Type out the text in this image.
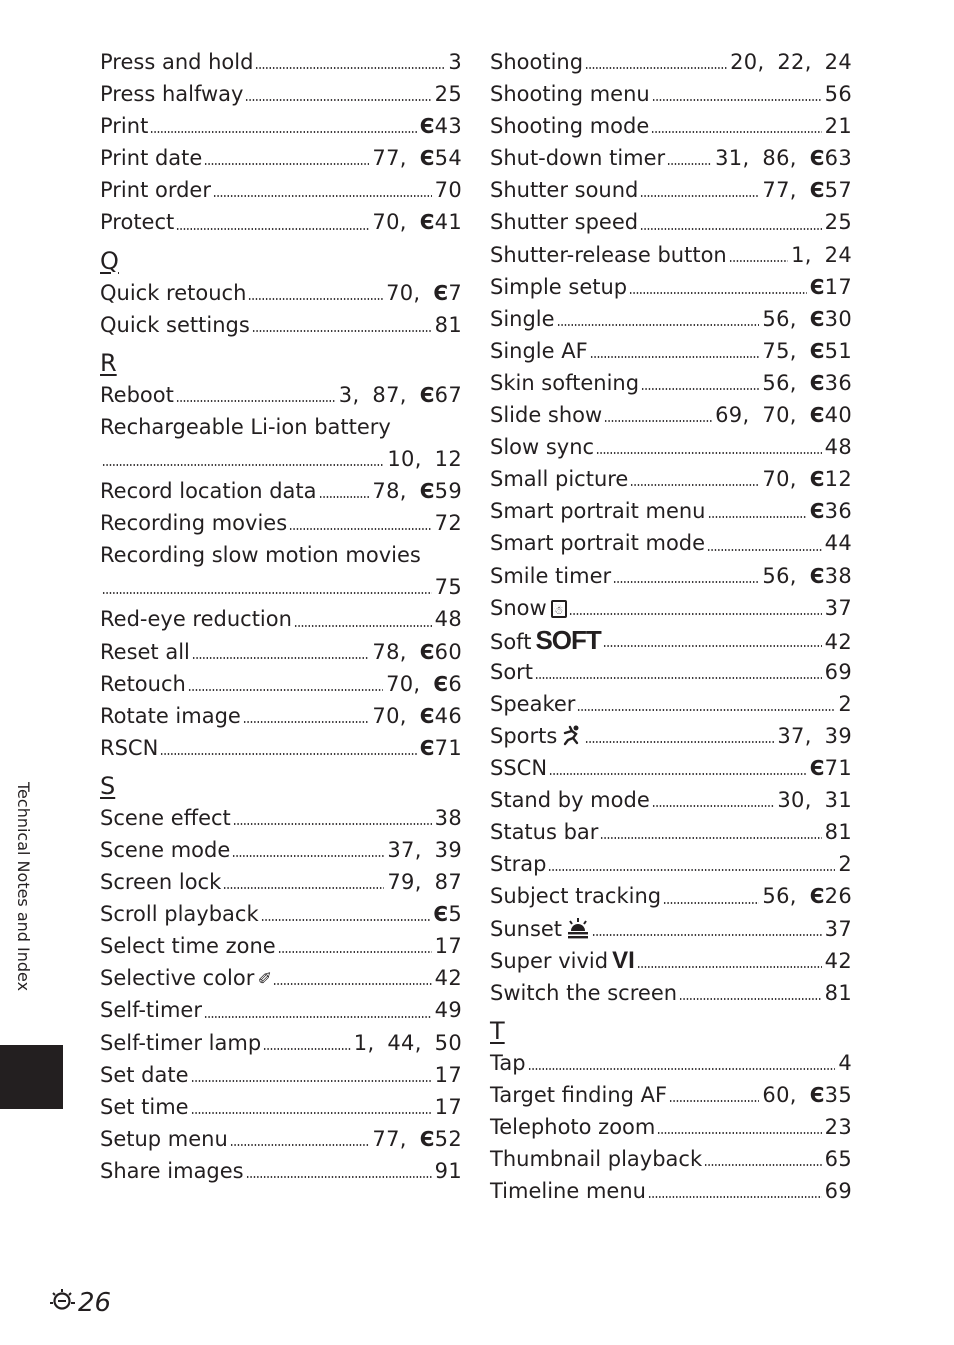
Press and hold	3
Press halfway	25
Print	Є43
Print date	77, Є54
Print order	70
Protect	70, Є41
Q
Quick retouch	70, Є7
Quick settings	81
R
Reboot	3, 87, Є67
Rechargeable Li-ion battery
10, 12
Record location data	78, Є59
Recording movies	72
Recording slow motion movies
75
Red-eye reduction	48
Reset all	78, Є60
Retouch	70, Є6
Rotate image	70, Є46
RSCN	Є71
S
Scene effect	38
Scene mode	37, 39
Screen lock	79, 87
Scroll playback	Є5
Select time zone	17
Selective color ✐	42
Self-timer	49
Self-timer lamp	1, 44, 50
Set date	17
Set time	17
Setup menu	77, Є52
Share images	91
Shooting	20, 22, 24
Shooting menu	56
Shooting mode	21
Shut-down timer 31, 86, Є63
Shutter sound	77, Є57
Shutter speed	25
Shutter-release button	1, 24
Simple setup	Є17
Single	56, Є30
Single AF	75, Є51
Skin softening	56, Є36
Slide show	69, 70, Є40
Slow sync	48
Small picture	70, Є12
Smart portrait menu	Є36
Smart portrait mode	44
Smile timer	56, Є38
Snow ☃	37
Soft SOFT	42
Sort	69
Speaker	2
Sports	37, 39
SSCN	Є71
Stand by mode	30, 31
Status bar	81
Strap	2
Subject tracking	56, Є26
Sunset	37
Super vivid VI	42
Switch the screen	81
T
Tap	4
Target finding AF	60, Є35
Telephoto zoom	23
Thumbnail playback	65
Timeline menu	69
Technical Notes and Index
26
